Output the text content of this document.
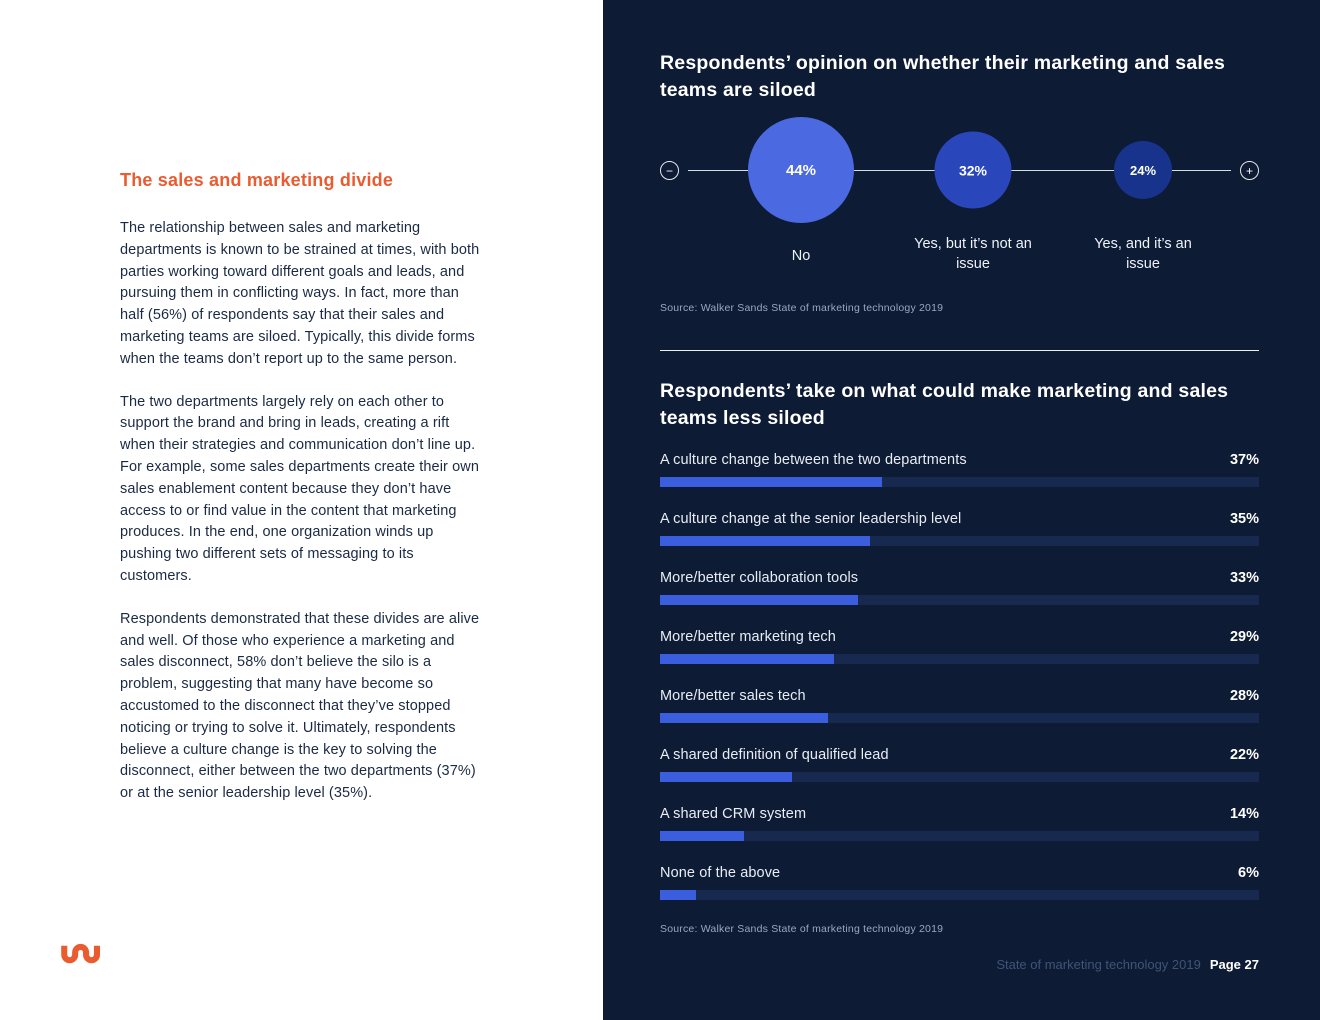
The sales and marketing divide

The relationship between sales and marketing departments is known to be strained at times, with both parties working toward different goals and leads, and pursuing them in conflicting ways. In fact, more than half (56%) of respondents say that their sales and marketing teams are siloed. Typically, this divide forms when the teams don’t report up to the same person.

The two departments largely rely on each other to support the brand and bring in leads, creating a rift when their strategies and communication don’t line up. For example, some sales departments create their own sales enablement content because they don’t have access to or find value in the content that marketing produces. In the end, one organization winds up pushing two different sets of messaging to its customers.

Respondents demonstrated that these divides are alive and well. Of those who experience a marketing and sales disconnect, 58% don’t believe the silo is a problem, suggesting that many have become so accustomed to the disconnect that they’ve stopped noticing or trying to solve it. Ultimately, respondents believe a culture change is the key to solving the disconnect, either between the two departments (37%) or at the senior leadership level (35%).

Respondents’ opinion on whether their marketing and sales teams are siloed
−	+
44%	32%	24%
No
Yes, but it’s not an issue
Yes, and it’s an issue
Source: Walker Sands State of marketing technology 2019
Respondents’ take on what could make marketing and sales teams less siloed
A culture change between the two departments	37%
A culture change at the senior leadership level	35%
More/better collaboration tools	33%
More/better marketing tech	29%
More/better sales tech	28%
A shared definition of qualified lead	22%
A shared CRM system	14%
None of the above	6%
Source: Walker Sands State of marketing technology 2019
State of marketing technology 2019 Page 27
